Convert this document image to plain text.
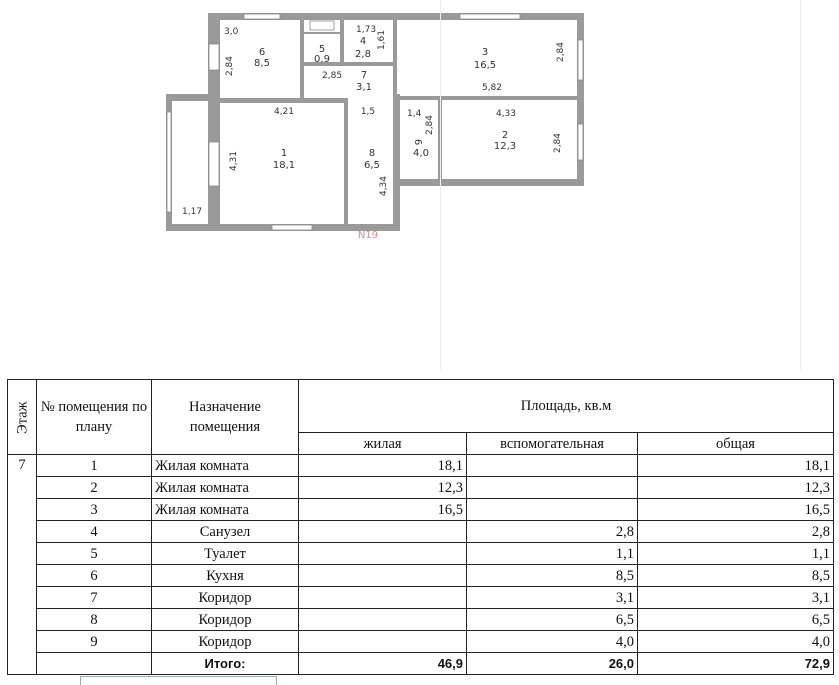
3,0
6
8,5
2,84
5
0,9
1,73
4
2,8
1,61
2,85 7
3,1
3
16,5
2,84
5,82
4,21	1,5	1,4
2,84
4,33
4,31	1
18,1
8
6,5
4,34
9
4,0
2
12,3	2,84
1,17
N19
Этаж	№ помещения по плану	Назначение помещения	Площадь, кв.м		
			жилая	вспомогательная	общая
7	1	Жилая комната	18,1		18,1
	2	Жилая комната	12,3		12,3
	3	Жилая комната	16,5		16,5
	4	Санузел		2,8	2,8
	5	Туалет		1,1	1,1
	6	Кухня		8,5	8,5
	7	Коридор		3,1	3,1
	8	Коридор		6,5	6,5
	9	Коридор		4,0	4,0
		Итого:	46,9	26,0	72,9
